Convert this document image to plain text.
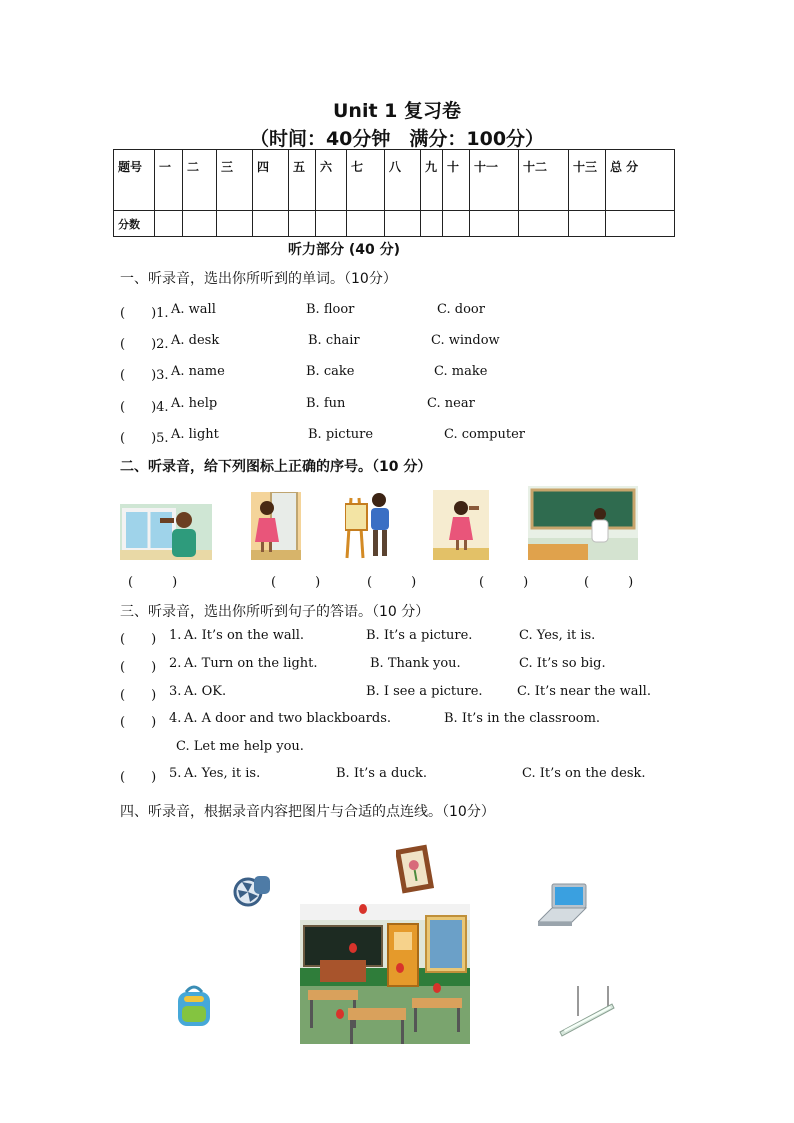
Unit 1 复习卷
（时间：40分钟　满分：100分）
题号	一	二	三	四	五	六	七	八	九	十	十一	十二	十三	总 分
分数														
听力部分 (40 分)
一、听录音，选出你所听到的单词。（10分）
(　　)1. A. wall	B. floor	C. door
(　　)2. A. desk	B. chair	C. window
(　　)3. A. name	B. cake	C. make
(　　)4. A. help	B. fun	C. near
(　　)5. A. light	B. picture	C. computer
二、听录音，给下列图标上正确的序号。（10 分）
(　　　)	(　　　)	(　　　)	(　　　)	(　　　)
三、听录音，选出你所听到句子的答语。（10 分）
(　　) 1. A. It’s on the wall.	B. It’s a picture.	C. Yes, it is.
(　　) 2. A. Turn on the light.	B. Thank you.	C. It’s so big.
(　　) 3. A. OK.	B. I see a picture.	C. It’s near the wall.
(　　) 4. A. A door and two blackboards.	B. It’s in the classroom.
C. Let me help you.
(　　) 5. A. Yes, it is.	B. It’s a duck.	C. It’s on the desk.
四、听录音，根据录音内容把图片与合适的点连线。（10分）
